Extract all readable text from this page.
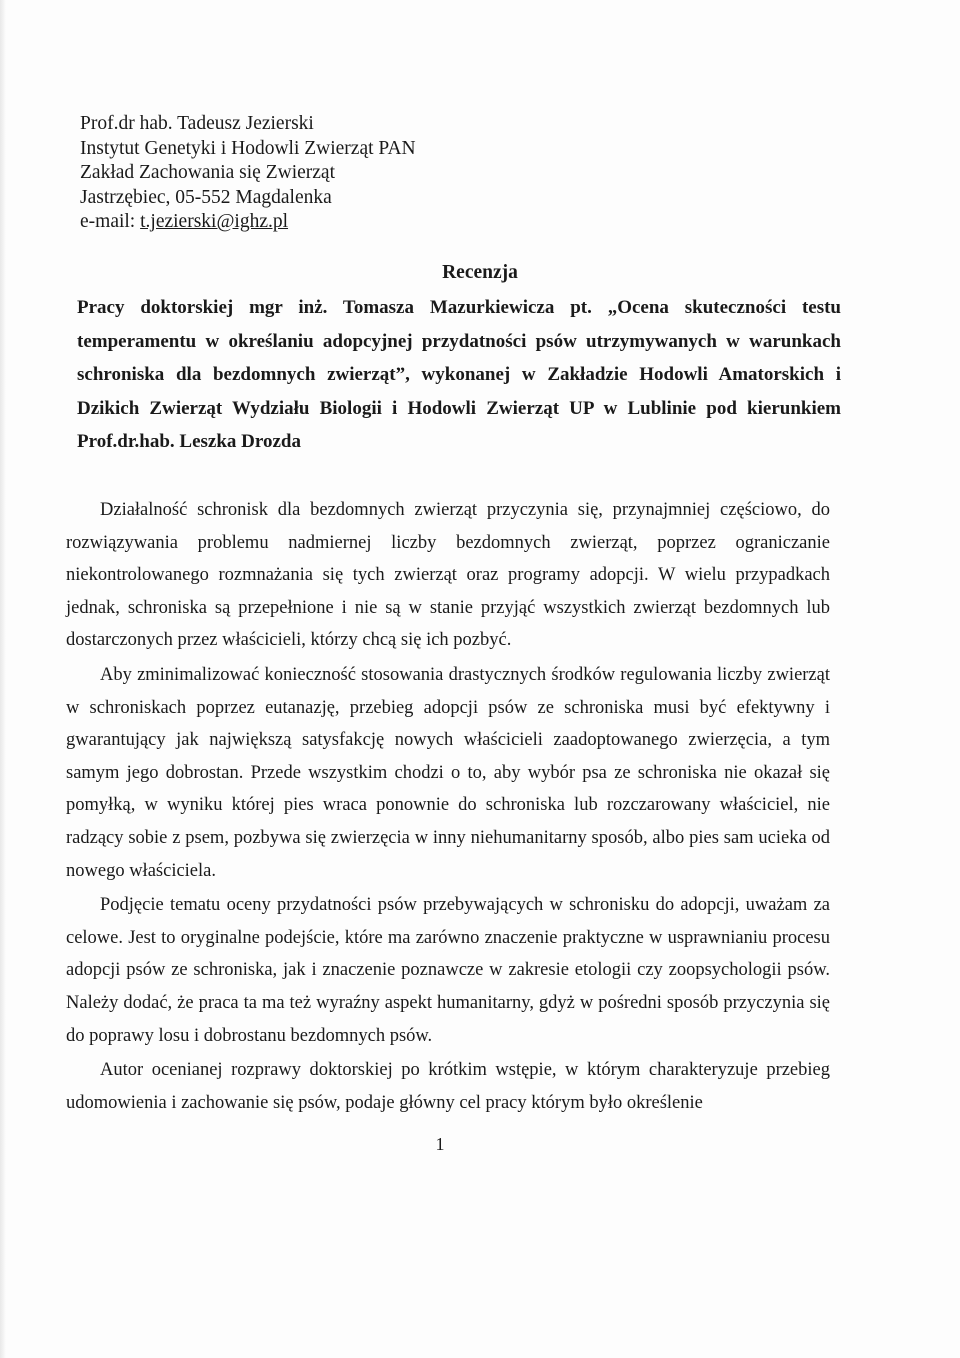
Prof.dr hab. Tadeusz Jezierski
Instytut Genetyki i Hodowli Zwierząt PAN
Zakład Zachowania się Zwierząt
Jastrzębiec, 05-552 Magdalenka
e-mail: t.jezierski@ighz.pl
Recenzja
Pracy doktorskiej mgr inż. Tomasza Mazurkiewicza pt. „Ocena skuteczności testu temperamentu w określaniu adopcyjnej przydatności psów utrzymywanych w warunkach schroniska dla bezdomnych zwierząt”, wykonanej w Zakładzie Hodowli Amatorskich i Dzikich Zwierząt Wydziału Biologii i Hodowli Zwierząt UP w Lublinie pod kierunkiem Prof.dr.hab. Leszka Drozda

Działalność schronisk dla bezdomnych zwierząt przyczynia się, przynajmniej częściowo, do rozwiązywania problemu nadmiernej liczby bezdomnych zwierząt, poprzez ograniczanie niekontrolowanego rozmnażania się tych zwierząt oraz programy adopcji. W wielu przypadkach jednak, schroniska są przepełnione i nie są w stanie przyjąć wszystkich zwierząt bezdomnych lub dostarczonych przez właścicieli, którzy chcą się ich pozbyć.

Aby zminimalizować konieczność stosowania drastycznych środków regulowania liczby zwierząt w schroniskach poprzez eutanazję, przebieg adopcji psów ze schroniska musi być efektywny i gwarantujący jak największą satysfakcję nowych właścicieli zaadoptowanego zwierzęcia, a tym samym jego dobrostan. Przede wszystkim chodzi o to, aby wybór psa ze schroniska nie okazał się pomyłką, w wyniku której pies wraca ponownie do schroniska lub rozczarowany właściciel, nie radzący sobie z psem, pozbywa się zwierzęcia w inny niehumanitarny sposób, albo pies sam ucieka od nowego właściciela.

Podjęcie tematu oceny przydatności psów przebywających w schronisku do adopcji, uważam za celowe. Jest to oryginalne podejście, które ma zarówno znaczenie praktyczne w usprawnianiu procesu adopcji psów ze schroniska, jak i znaczenie poznawcze w zakresie etologii czy zoopsychologii psów. Należy dodać, że praca ta ma też wyraźny aspekt humanitarny, gdyż w pośredni sposób przyczynia się do poprawy losu i dobrostanu bezdomnych psów.

Autor ocenianej rozprawy doktorskiej po krótkim wstępie, w którym charakteryzuje przebieg udomowienia i zachowanie się psów, podaje główny cel pracy którym było określenie

1
